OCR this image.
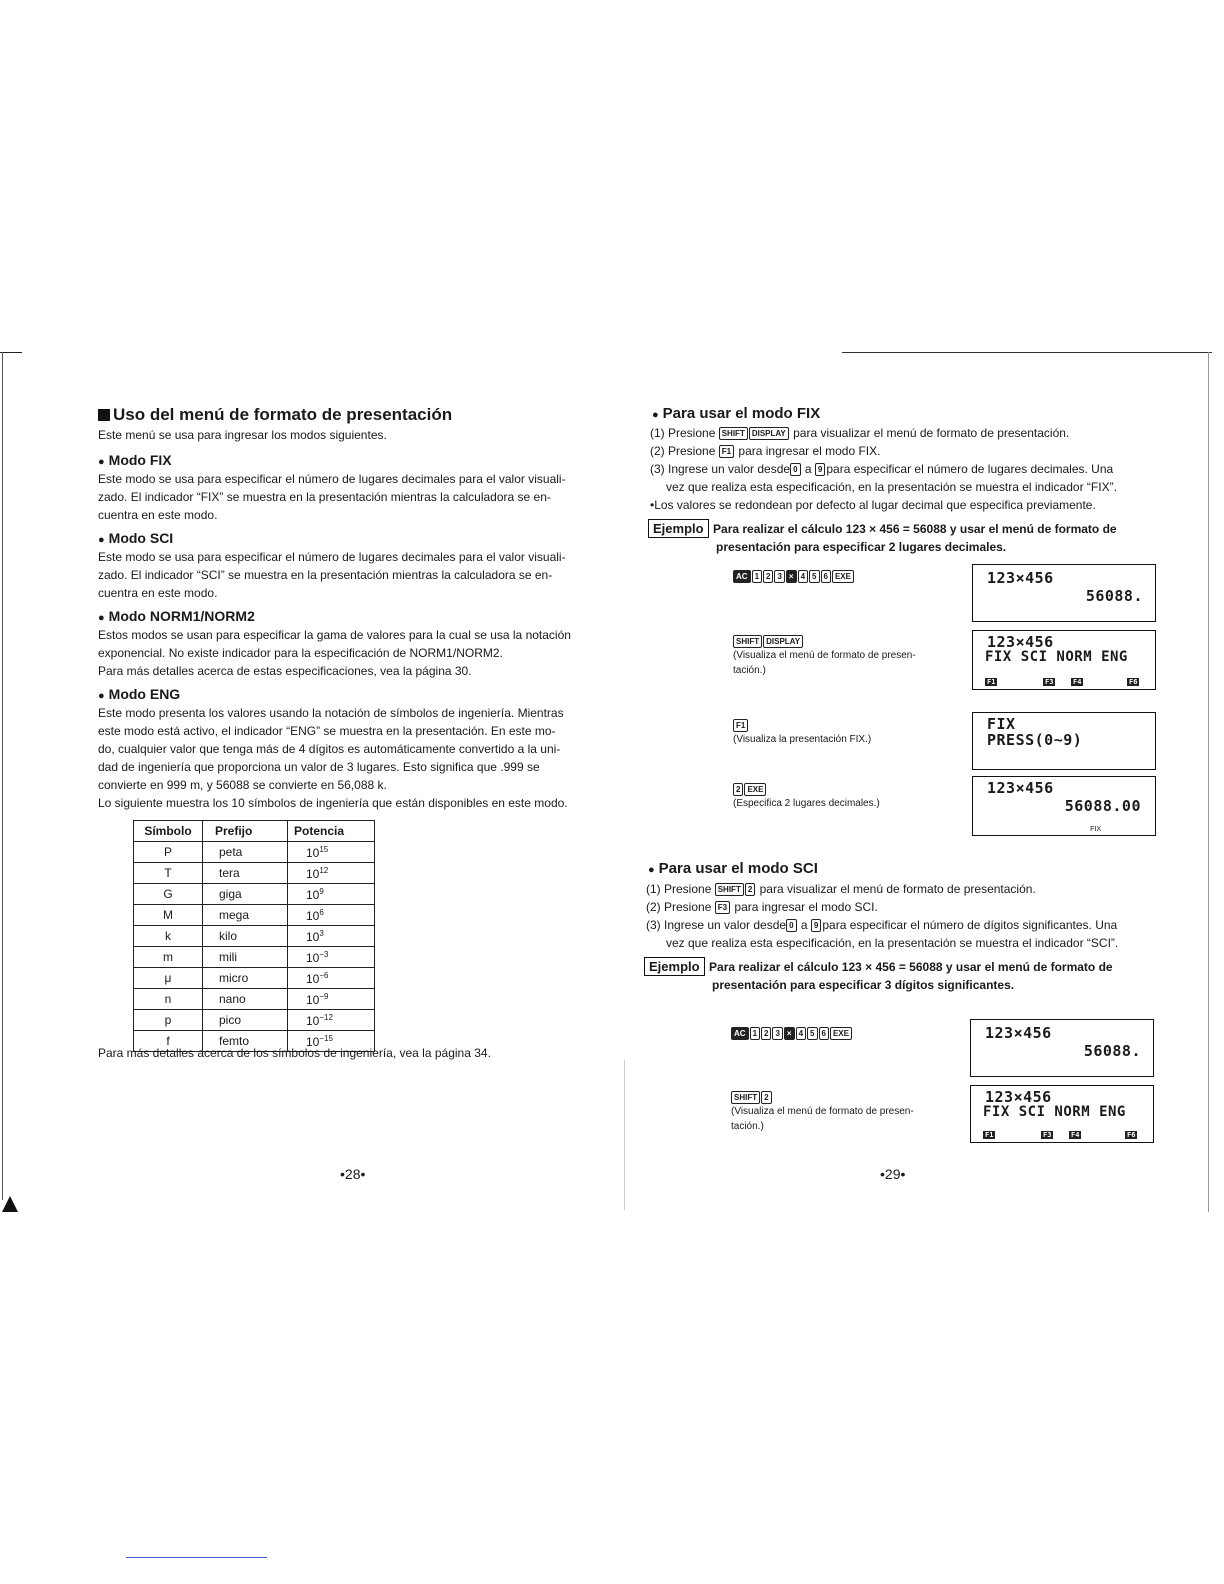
Uso del menú de formato de presentación
Este menú se usa para ingresar los modos siguientes.
● Modo FIX
Este modo se usa para especificar el número de lugares decimales para el valor visuali-
zado. El indicador “FIX” se muestra en la presentación mientras la calculadora se en-
cuentra en este modo.
● Modo SCI
Este modo se usa para especificar el número de lugares decimales para el valor visuali-
zado. El indicador “SCI” se muestra en la presentación mientras la calculadora se en-
cuentra en este modo.
● Modo NORM1/NORM2
Estos modos se usan para especificar la gama de valores para la cual se usa la notación
exponencial. No existe indicador para la especificación de NORM1/NORM2.
Para más detalles acerca de estas especificaciones, vea la página 30.
● Modo ENG
Este modo presenta los valores usando la notación de símbolos de ingeniería. Mientras
este modo está activo, el indicador “ENG” se muestra en la presentación. En este mo-
do, cualquier valor que tenga más de 4 dígitos es automáticamente convertido a la uni-
dad de ingeniería que proporciona un valor de 3 lugares. Esto significa que .999 se
convierte en 999 m, y 56088 se convierte en 56,088 k.
Lo siguiente muestra los 10 símbolos de ingeniería que están disponibles en este modo.
Símbolo	Prefijo	Potencia
P	peta	$10^{15}$
T	tera	$10^{12}$
G	giga	$10^9$
M	mega	$10^6$
k	kilo	$10^3$
m	mili	$10^{-3}$
μ	micro	$10^{-6}$
n	nano	$10^{-9}$
p	pico	$10^{-12}$
f	femto	$10^{-15}$
Para más detalles acerca de los símbolos de ingeniería, vea la página 34.
•28•
● Para usar el modo FIX
(1) Presione SHIFT DISPLAY para visualizar el menú de formato de presentación.
(2) Presione F1 para ingresar el modo FIX.
(3) Ingrese un valor desde 0 a 9 para especificar el número de lugares decimales. Una
vez que realiza esta especificación, en la presentación se muestra el indicador “FIX”.
•Los valores se redondean por defecto al lugar decimal que especifica previamente.
Ejemplo Para realizar el cálculo 123 × 456 = 56088 y usar el menú de formato de
presentación para especificar 2 lugares decimales.
AC 1 2 3 × 4 5 6 EXE	123×456
56088.
SHIFT DISPLAY
(Visualiza el menú de formato de presen-
tación.)
123×456
FIX SCI NORM ENG
F1	F3	F4	F6
F1
(Visualiza la presentación FIX.)
FIX
PRESS(0~9)
2 EXE
(Especifica 2 lugares decimales.)
123×456
56088.00
FIX
● Para usar el modo SCI
(1) Presione SHIFT 2 para visualizar el menú de formato de presentación.
(2) Presione F3 para ingresar el modo SCI.
(3) Ingrese un valor desde 0 a 9 para especificar el número de dígitos significantes. Una
vez que realiza esta especificación, en la presentación se muestra el indicador “SCI”.
Ejemplo Para realizar el cálculo 123 × 456 = 56088 y usar el menú de formato de
presentación para especificar 3 dígitos significantes.
AC 1 2 3 × 4 5 6 EXE	123×456
56088.
SHIFT 2
(Visualiza el menú de formato de presen-
tación.)
123×456
FIX SCI NORM ENG
F1	F3	F4	F6
•29•
